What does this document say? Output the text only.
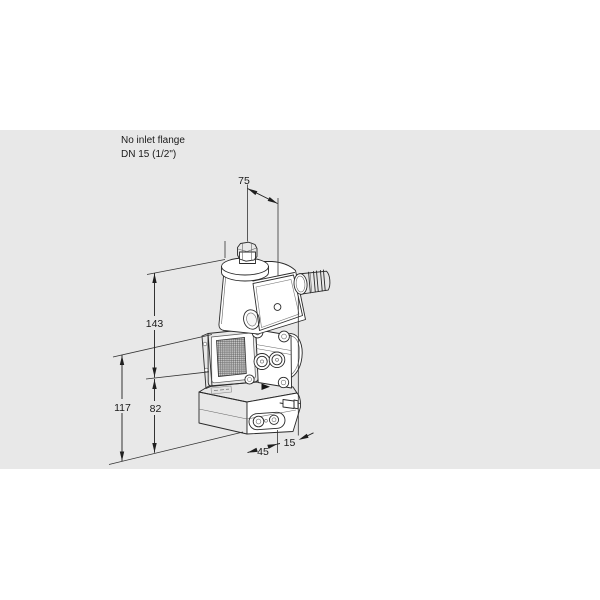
No inlet flange
DN 15 (1/2")
75
143
117 82
45
15
